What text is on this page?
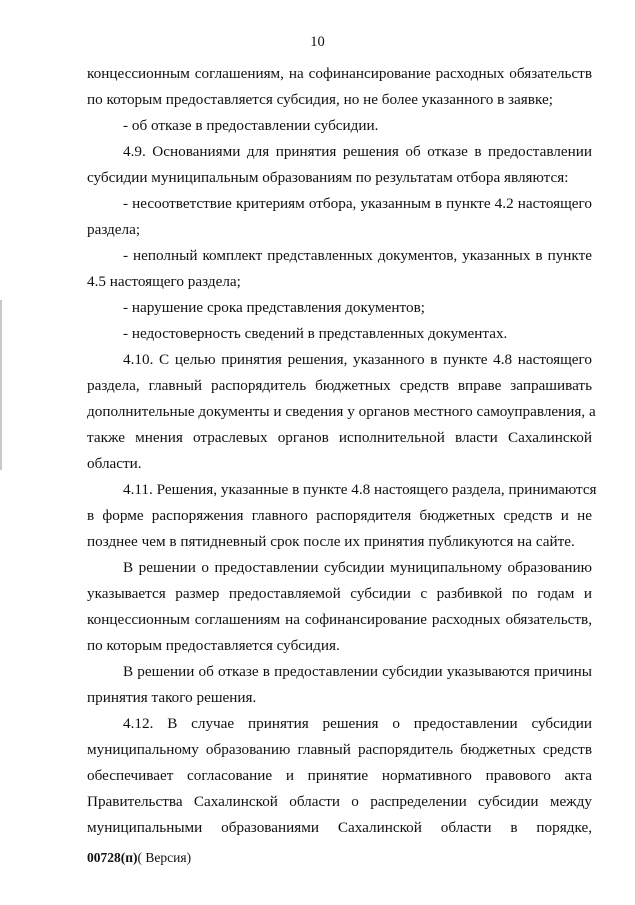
10
концессионным соглашениям, на софинансирование расходных обязательств
по которым предоставляется субсидия, но не более указанного в заявке;
- об отказе в предоставлении субсидии.
4.9. Основаниями для принятия решения об отказе в предоставлении
субсидии муниципальным образованиям по результатам отбора являются:
- несоответствие критериям отбора, указанным в пункте 4.2 настоящего
раздела;
- неполный комплект представленных документов, указанных в пункте
4.5 настоящего раздела;
- нарушение срока представления документов;
- недостоверность сведений в представленных документах.
4.10. С целью принятия решения, указанного в пункте 4.8 настоящего
раздела, главный распорядитель бюджетных средств вправе запрашивать
дополнительные документы и сведения у органов местного самоуправления, а
также мнения отраслевых органов исполнительной власти Сахалинской
области.
4.11. Решения, указанные в пункте 4.8 настоящего раздела, принимаются
в форме распоряжения главного распорядителя бюджетных средств и не
позднее чем в пятидневный срок после их принятия публикуются на сайте.
В решении о предоставлении субсидии муниципальному образованию
указывается размер предоставляемой субсидии с разбивкой по годам и
концессионным соглашениям на софинансирование расходных обязательств,
по которым предоставляется субсидия.
В решении об отказе в предоставлении субсидии указываются причины
принятия такого решения.
4.12. В случае принятия решения о предоставлении субсидии
муниципальному образованию главный распорядитель бюджетных средств
обеспечивает согласование и принятие нормативного правового акта
Правительства Сахалинской области о распределении субсидии между
муниципальными образованиями Сахалинской области в порядке,
00728(п)( Версия)
